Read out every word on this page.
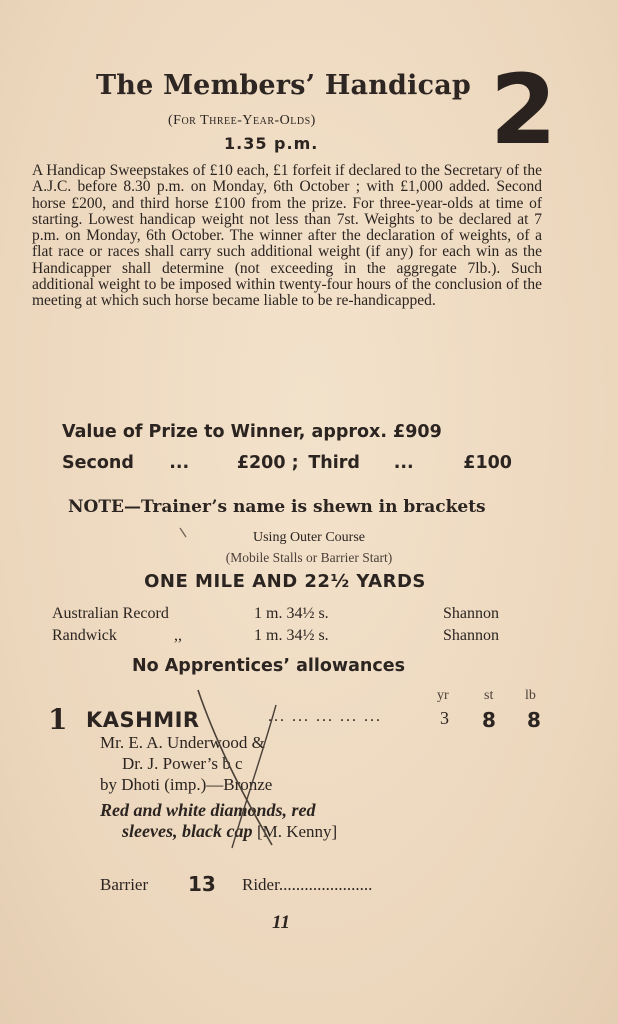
The Members’ Handicap 2
(For Three-Year-Olds)
1.35 p.m.

A Handicap Sweepstakes of £10 each, £1 forfeit if declared to the Secretary of the A.J.C. before 8.30 p.m. on Monday, 6th October ; with £1,000 added. Second horse £200, and third horse £100 from the prize. For three-year-olds at time of starting. Lowest handicap weight not less than 7st. Weights to be declared at 7 p.m. on Monday, 6th October. The winner after the declaration of weights, of a flat race or races shall carry such additional weight (if any) for each win as the Handicapper shall determine (not exceeding in the aggregate 7lb.). Such additional weight to be imposed within twenty-four hours of the conclusion of the meeting at which such horse became liable to be re-handicapped.

Value of Prize to Winner, approx. £909
Second	...	£200 ; Third	...	£100
NOTE—Trainer’s name is shewn in brackets
Using Outer Course
(Mobile Stalls or Barrier Start)
ONE MILE AND 22½ YARDS
Australian Record	1 m. 34½ s.	Shannon
Randwick	,,	1 m. 34½ s.	Shannon
No Apprentices’ allowances
yr	st lb
1 KASHMIR	... ... ... ... ...	3 8 8
Mr. E. A. Underwood &
Dr. J. Power’s b c
by Dhoti (imp.)—Bronze
Red and white diamonds, red
sleeves, black cap [M. Kenny]
Barrier 13 Rider......................
11
